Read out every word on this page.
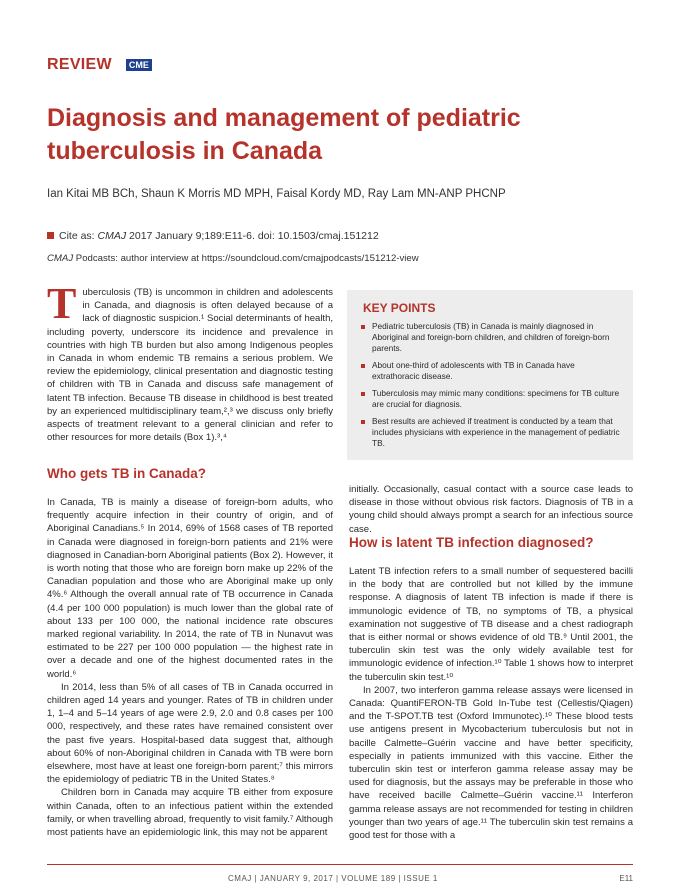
REVIEW	CME
Diagnosis and management of pediatric tuberculosis in Canada
Ian Kitai MB BCh, Shaun K Morris MD MPH, Faisal Kordy MD, Ray Lam MN-ANP PHCNP
Cite as: CMAJ 2017 January 9;189:E11-6. doi: 10.1503/cmaj.151212
CMAJ Podcasts: author interview at https://soundcloud.com/cmajpodcasts/151212-view
Tuberculosis (TB) is uncommon in children and adolescents in Canada, and diagnosis is often delayed because of a lack of diagnostic suspicion.¹ Social determinants of health, including poverty, underscore its incidence and prevalence in countries with high TB burden but also among Indigenous peoples in Canada in whom endemic TB remains a serious problem. We review the epidemiology, clinical presentation and diagnostic testing of children with TB in Canada and discuss safe management of latent TB infection. Because TB disease in childhood is best treated by an experienced multidisciplinary team,²,³ we discuss only briefly aspects of treatment relevant to a general clinician and refer to other resources for more details (Box 1).³,⁴
KEY POINTS
Pediatric tuberculosis (TB) in Canada is mainly diagnosed in Aboriginal and foreign-born children, and children of foreign-born parents.
About one-third of adolescents with TB in Canada have extrathoracic disease.
Tuberculosis may mimic many conditions: specimens for TB culture are crucial for diagnosis.
Best results are achieved if treatment is conducted by a team that includes physicians with experience in the management of pediatric TB.
Who gets TB in Canada?

In Canada, TB is mainly a disease of foreign-born adults, who frequently acquire infection in their country of origin, and of Aboriginal Canadians.⁵ In 2014, 69% of 1568 cases of TB reported in Canada were diagnosed in foreign-born patients and 21% were diagnosed in Canadian-born Aboriginal patients (Box 2). However, it is worth noting that those who are foreign born make up 22% of the Canadian population and those who are Aboriginal make up only 4%.⁶ Although the overall annual rate of TB occurrence in Canada (4.4 per 100 000 population) is much lower than the global rate of about 133 per 100 000, the national incidence rate obscures marked regional variability. In 2014, the rate of TB in Nunavut was estimated to be 227 per 100 000 population — the highest rate in over a decade and one of the highest documented rates in the world.⁶

In 2014, less than 5% of all cases of TB in Canada occurred in children aged 14 years and younger. Rates of TB in children under 1, 1–4 and 5–14 years of age were 2.9, 2.0 and 0.8 cases per 100 000, respectively, and these rates have remained consistent over the past five years. Hospital-based data suggest that, although about 60% of non-Aboriginal children in Canada with TB were born elsewhere, most have at least one foreign-born parent;⁷ this mirrors the epidemiology of pediatric TB in the United States.⁸

Children born in Canada may acquire TB either from exposure within Canada, often to an infectious patient within the extended family, or when travelling abroad, frequently to visit family.⁷ Although most patients have an epidemiologic link, this may not be apparent

initially. Occasionally, casual contact with a source case leads to disease in those without obvious risk factors. Diagnosis of TB in a young child should always prompt a search for an infectious source case.

How is latent TB infection diagnosed?

Latent TB infection refers to a small number of sequestered bacilli in the body that are controlled but not killed by the immune response. A diagnosis of latent TB infection is made if there is immunologic evidence of TB, no symptoms of TB, a physical examination not suggestive of TB disease and a chest radiograph that is either normal or shows evidence of old TB.⁹ Until 2001, the tuberculin skin test was the only widely available test for immunologic evidence of infection.¹⁰ Table 1 shows how to interpret the tuberculin skin test.¹⁰

In 2007, two interferon gamma release assays were licensed in Canada: QuantiFERON-TB Gold In-Tube test (Cellestis/Qiagen) and the T-SPOT.TB test (Oxford Immunotec).¹⁰ These blood tests use antigens present in Mycobacterium tuberculosis but not in bacille Calmette–Guérin vaccine and have better specificity, especially in patients immunized with this vaccine. Either the tuberculin skin test or interferon gamma release assay may be used for diagnosis, but the assays may be preferable in those who have received bacille Calmette–Guérin vaccine.¹¹ Interferon gamma release assays are not recommended for testing in children younger than two years of age.¹¹ The tuberculin skin test remains a good test for those with a

CMAJ | JANUARY 9, 2017 | VOLUME 189 | ISSUE 1	E11
